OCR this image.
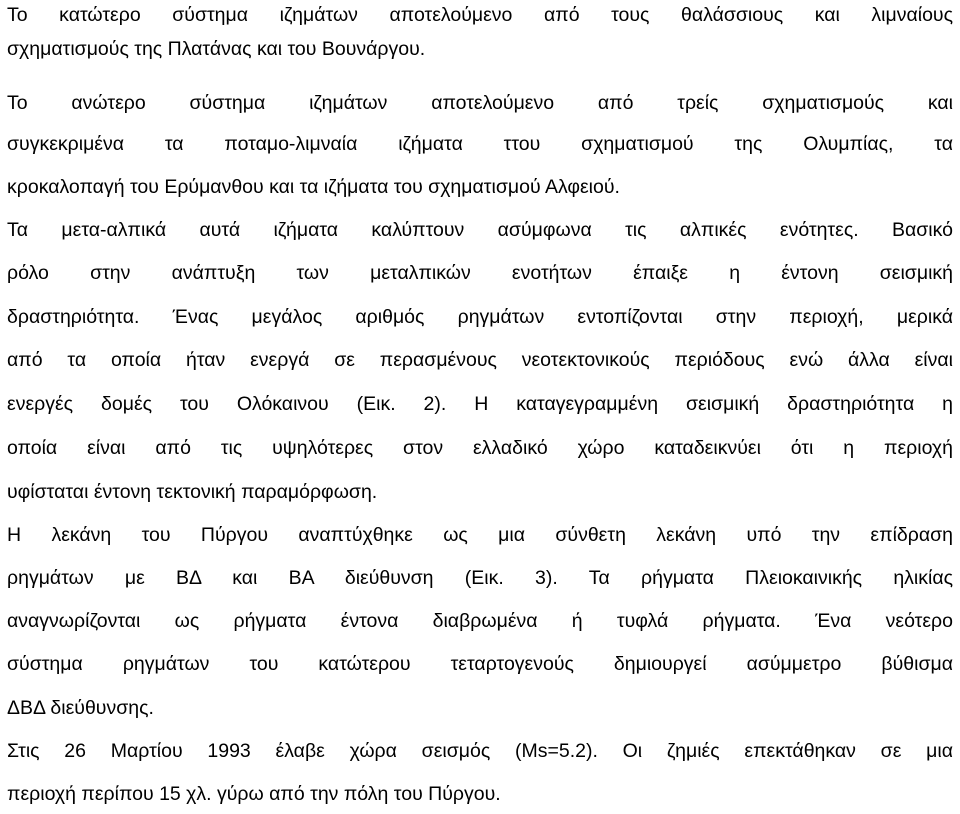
Το κατώτερο σύστημα ιζημάτων αποτελούμενο από τους θαλάσσιους και λιμναίους
σχηματισμούς της Πλατάνας και του Βουνάργου.
Το ανώτερο σύστημα ιζημάτων αποτελούμενο από τρείς σχηματισμούς και
συγκεκριμένα τα ποταμο-λιμναία ιζήματα ττου σχηματισμού της Ολυμπίας, τα
κροκαλοπαγή του Ερύμανθου και τα ιζήματα του σχηματισμού Αλφειού.
Τα μετα-αλπικά αυτά ιζήματα καλύπτουν ασύμφωνα τις αλπικές ενότητες. Βασικό
ρόλο στην ανάπτυξη των μεταλπικών ενοτήτων έπαιξε η έντονη σεισμική
δραστηριότητα. Ένας μεγάλος αριθμός ρηγμάτων εντοπίζονται στην περιοχή, μερικά
από τα οποία ήταν ενεργά σε περασμένους νεοτεκτονικούς περιόδους ενώ άλλα είναι
ενεργές δομές του Ολόκαινου (Εικ. 2). Η καταγεγραμμένη σεισμική δραστηριότητα η
οποία είναι από τις υψηλότερες στον ελλαδικό χώρο καταδεικνύει ότι η περιοχή
υφίσταται έντονη τεκτονική παραμόρφωση.
Η λεκάνη του Πύργου αναπτύχθηκε ως μια σύνθετη λεκάνη υπό την επίδραση
ρηγμάτων με ΒΔ και ΒΑ διεύθυνση (Εικ. 3). Τα ρήγματα Πλειοκαινικής ηλικίας
αναγνωρίζονται ως ρήγματα έντονα διαβρωμένα ή τυφλά ρήγματα. Ένα νεότερο
σύστημα ρηγμάτων του κατώτερου τεταρτογενούς δημιουργεί ασύμμετρο βύθισμα
ΔΒΔ διεύθυνσης.
Στις 26 Μαρτίου 1993 έλαβε χώρα σεισμός (Ms=5.2). Οι ζημιές επεκτάθηκαν σε μια
περιοχή περίπου 15 χλ. γύρω από την πόλη του Πύργου.
